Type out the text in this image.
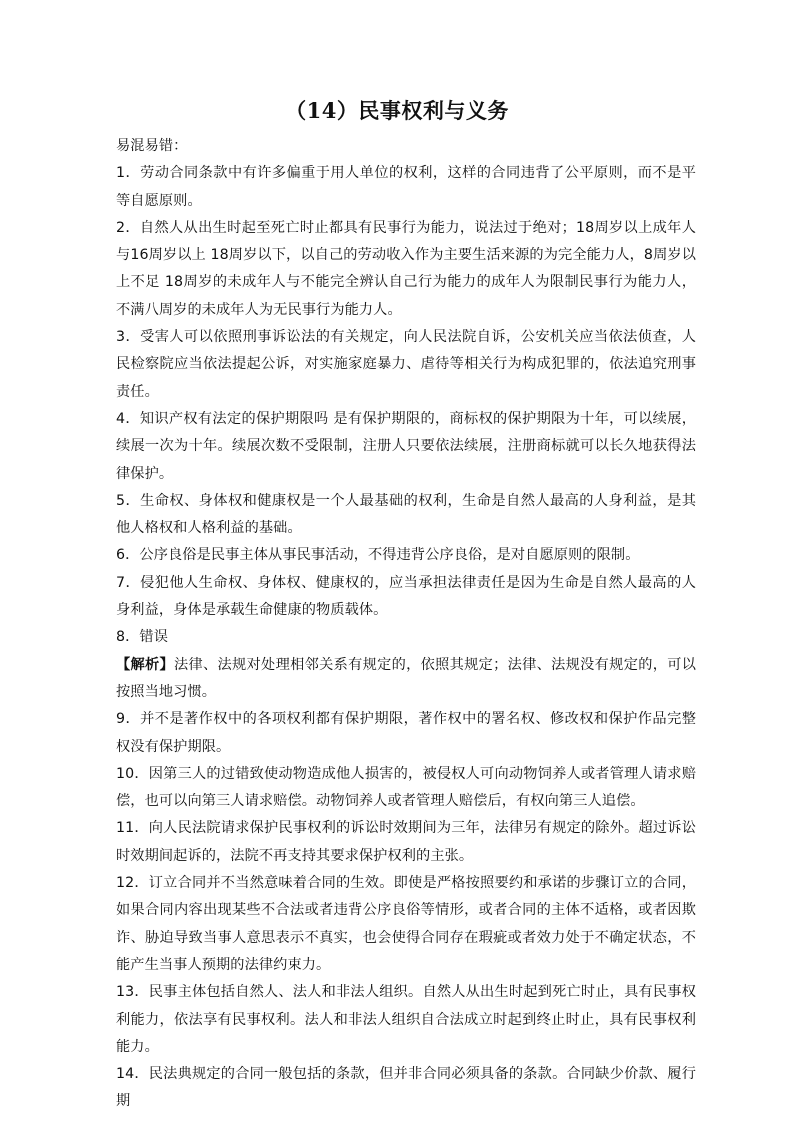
（14）民事权利与义务

易混易错：

1．劳动合同条款中有许多偏重于用人单位的权利，这样的合同违背了公平原则，而不是平等自愿原则。

2．自然人从出生时起至死亡时止都具有民事行为能力，说法过于绝对；18周岁以上成年人与16周岁以上 18周岁以下，以自己的劳动收入作为主要生活来源的为完全能力人，8周岁以上不足 18周岁的未成年人与不能完全辨认自己行为能力的成年人为限制民事行为能力人，不满八周岁的未成年人为无民事行为能力人。

3．受害人可以依照刑事诉讼法的有关规定，向人民法院自诉，公安机关应当依法侦查，人民检察院应当依法提起公诉，对实施家庭暴力、虐待等相关行为构成犯罪的，依法追究刑事责任。

4．知识产权有法定的保护期限吗 是有保护期限的，商标权的保护期限为十年，可以续展，续展一次为十年。续展次数不受限制，注册人只要依法续展，注册商标就可以长久地获得法律保护。

5．生命权、身体权和健康权是一个人最基础的权利，生命是自然人最高的人身利益，是其他人格权和人格利益的基础。

6．公序良俗是民事主体从事民事活动，不得违背公序良俗，是对自愿原则的限制。

7．侵犯他人生命权、身体权、健康权的，应当承担法律责任是因为生命是自然人最高的人身利益，身体是承载生命健康的物质载体。

8．错误

【解析】法律、法规对处理相邻关系有规定的，依照其规定；法律、法规没有规定的，可以按照当地习惯。

9．并不是著作权中的各项权利都有保护期限，著作权中的署名权、修改权和保护作品完整权没有保护期限。

10．因第三人的过错致使动物造成他人损害的，被侵权人可向动物饲养人或者管理人请求赔偿，也可以向第三人请求赔偿。动物饲养人或者管理人赔偿后，有权向第三人追偿。

11．向人民法院请求保护民事权利的诉讼时效期间为三年，法律另有规定的除外。超过诉讼时效期间起诉的，法院不再支持其要求保护权利的主张。

12．订立合同并不当然意味着合同的生效。即使是严格按照要约和承诺的步骤订立的合同，如果合同内容出现某些不合法或者违背公序良俗等情形，或者合同的主体不适格，或者因欺诈、胁迫导致当事人意思表示不真实，也会使得合同存在瑕疵或者效力处于不确定状态，不能产生当事人预期的法律约束力。

13．民事主体包括自然人、法人和非法人组织。自然人从出生时起到死亡时止，具有民事权利能力，依法享有民事权利。法人和非法人组织自合法成立时起到终止时止，具有民事权利能力。

14．民法典规定的合同一般包括的条款，但并非合同必须具备的条款。合同缺少价款、履行期
